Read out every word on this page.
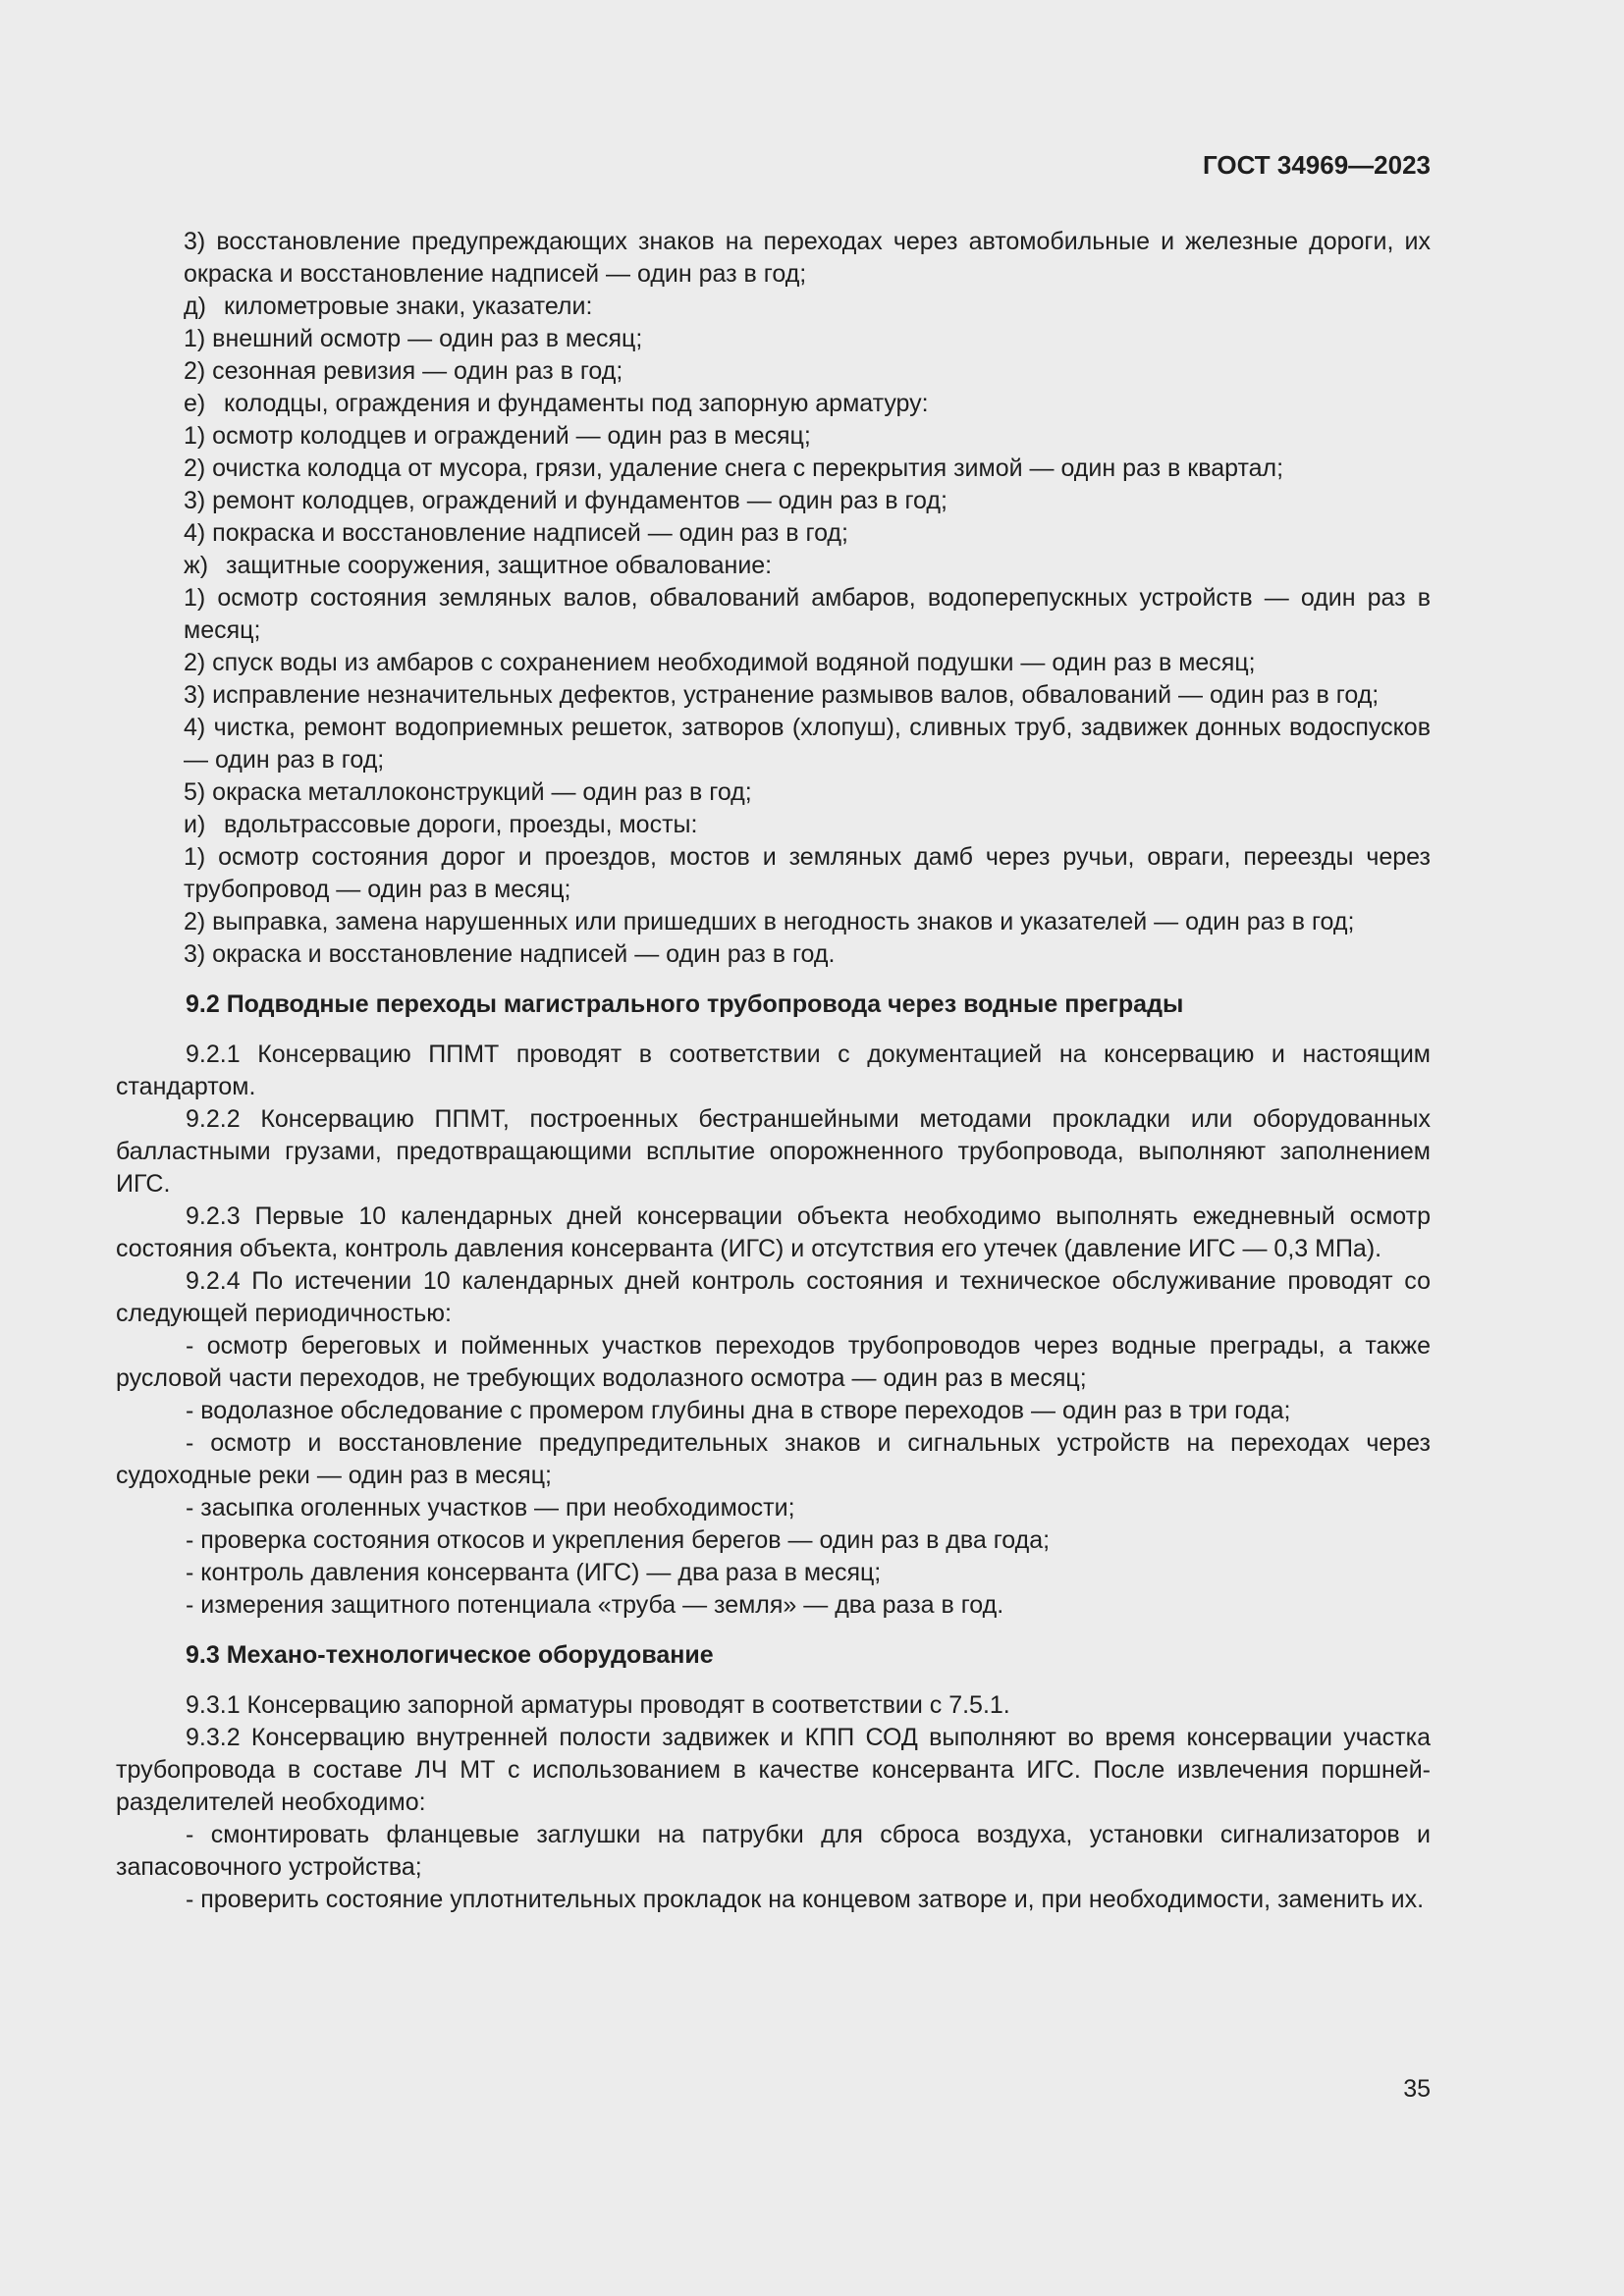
ГОСТ 34969—2023
3) восстановление предупреждающих знаков на переходах через автомобильные и железные дороги, их окраска и восстановление надписей — один раз в год;
д) километровые знаки, указатели:
1) внешний осмотр — один раз в месяц;
2) сезонная ревизия — один раз в год;
е) колодцы, ограждения и фундаменты под запорную арматуру:
1) осмотр колодцев и ограждений — один раз в месяц;
2) очистка колодца от мусора, грязи, удаление снега с перекрытия зимой — один раз в квартал;
3) ремонт колодцев, ограждений и фундаментов — один раз в год;
4) покраска и восстановление надписей — один раз в год;
ж) защитные сооружения, защитное обвалование:
1) осмотр состояния земляных валов, обвалований амбаров, водоперепускных устройств — один раз в месяц;
2) спуск воды из амбаров с сохранением необходимой водяной подушки — один раз в месяц;
3) исправление незначительных дефектов, устранение размывов валов, обвалований — один раз в год;
4) чистка, ремонт водоприемных решеток, затворов (хлопуш), сливных труб, задвижек донных водоспусков — один раз в год;
5) окраска металлоконструкций — один раз в год;
и) вдольтрассовые дороги, проезды, мосты:
1) осмотр состояния дорог и проездов, мостов и земляных дамб через ручьи, овраги, переезды через трубопровод — один раз в месяц;
2) выправка, замена нарушенных или пришедших в негодность знаков и указателей — один раз в год;
3) окраска и восстановление надписей — один раз в год.
9.2 Подводные переходы магистрального трубопровода через водные преграды
9.2.1 Консервацию ППМТ проводят в соответствии с документацией на консервацию и настоящим стандартом.
9.2.2 Консервацию ППМТ, построенных бестраншейными методами прокладки или оборудованных балластными грузами, предотвращающими всплытие опорожненного трубопровода, выполняют заполнением ИГС.
9.2.3 Первые 10 календарных дней консервации объекта необходимо выполнять ежедневный осмотр состояния объекта, контроль давления консерванта (ИГС) и отсутствия его утечек (давление ИГС — 0,3 МПа).
9.2.4 По истечении 10 календарных дней контроль состояния и техническое обслуживание проводят со следующей периодичностью:
- осмотр береговых и пойменных участков переходов трубопроводов через водные преграды, а также русловой части переходов, не требующих водолазного осмотра — один раз в месяц;
- водолазное обследование с промером глубины дна в створе переходов — один раз в три года;
- осмотр и восстановление предупредительных знаков и сигнальных устройств на переходах через судоходные реки — один раз в месяц;
- засыпка оголенных участков — при необходимости;
- проверка состояния откосов и укрепления берегов — один раз в два года;
- контроль давления консерванта (ИГС) — два раза в месяц;
- измерения защитного потенциала «труба — земля» — два раза в год.
9.3 Механо-технологическое оборудование
9.3.1 Консервацию запорной арматуры проводят в соответствии с 7.5.1.
9.3.2 Консервацию внутренней полости задвижек и КПП СОД выполняют во время консервации участка трубопровода в составе ЛЧ МТ с использованием в качестве консерванта ИГС. После извлечения поршней-разделителей необходимо:
- смонтировать фланцевые заглушки на патрубки для сброса воздуха, установки сигнализаторов и запасовочного устройства;
- проверить состояние уплотнительных прокладок на концевом затворе и, при необходимости, заменить их.
35
